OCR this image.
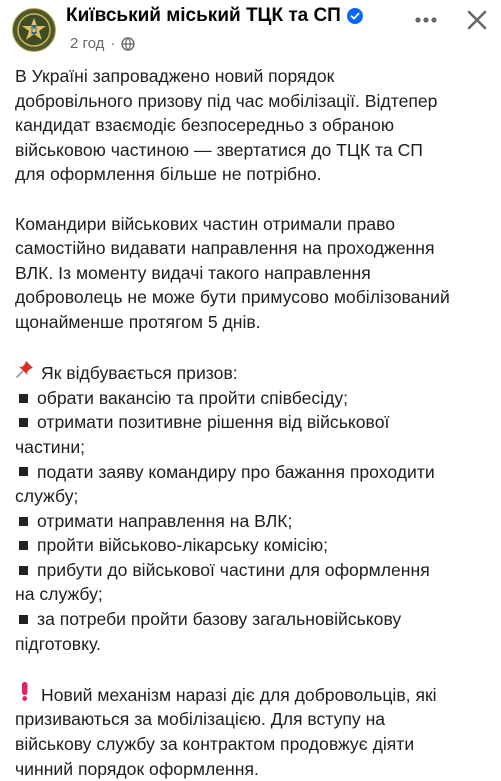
Київський міський ТЦК та СП
2 год ·

В Україні запроваджено новий порядок
добровільного призову під час мобілізації. Відтепер
кандидат взаємодіє безпосередньо з обраною
військовою частиною — звертатися до ТЦК та СП
для оформлення більше не потрібно.

Командири військових частин отримали право
самостійно видавати направлення на проходження
ВЛК. Із моменту видачі такого направлення
доброволець не може бути примусово мобілізований
щонайменше протягом 5 днів.

Як відбувається призов:

обрати вакансію та пройти співбесіду;
отримати позитивне рішення від військової
частини;
подати заяву командиру про бажання проходити
службу;
отримати направлення на ВЛК;
пройти військово-лікарську комісію;
прибути до військової частини для оформлення
на службу;
за потреби пройти базову загальновійськову
підготовку.

Новий механізм наразі діє для добровольців, які
призиваються за мобілізацією. Для вступу на
військову службу за контрактом продовжує діяти
чинний порядок оформлення.
